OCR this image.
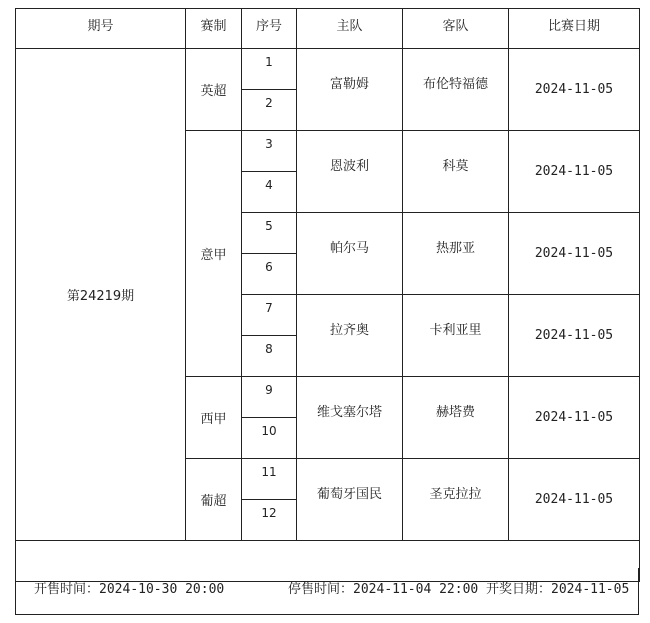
期号	赛制	序号	主队	客队	比赛日期
第24219期	英超	1	富勒姆	布伦特福德	2024-11-05
		2			
	意甲	3	恩波利	科莫	2024-11-05
		4			
		5	帕尔马	热那亚	2024-11-05
		6			
		7	拉齐奥	卡利亚里	2024-11-05
		8			
	西甲	9	维戈塞尔塔	赫塔费	2024-11-05
		10			
	葡超	11	葡萄牙国民	圣克拉拉	2024-11-05
		12			

开售时间：2024-10-30 20:00	停售时间：2024-11-04 22:00 开奖日期：2024-11-05
